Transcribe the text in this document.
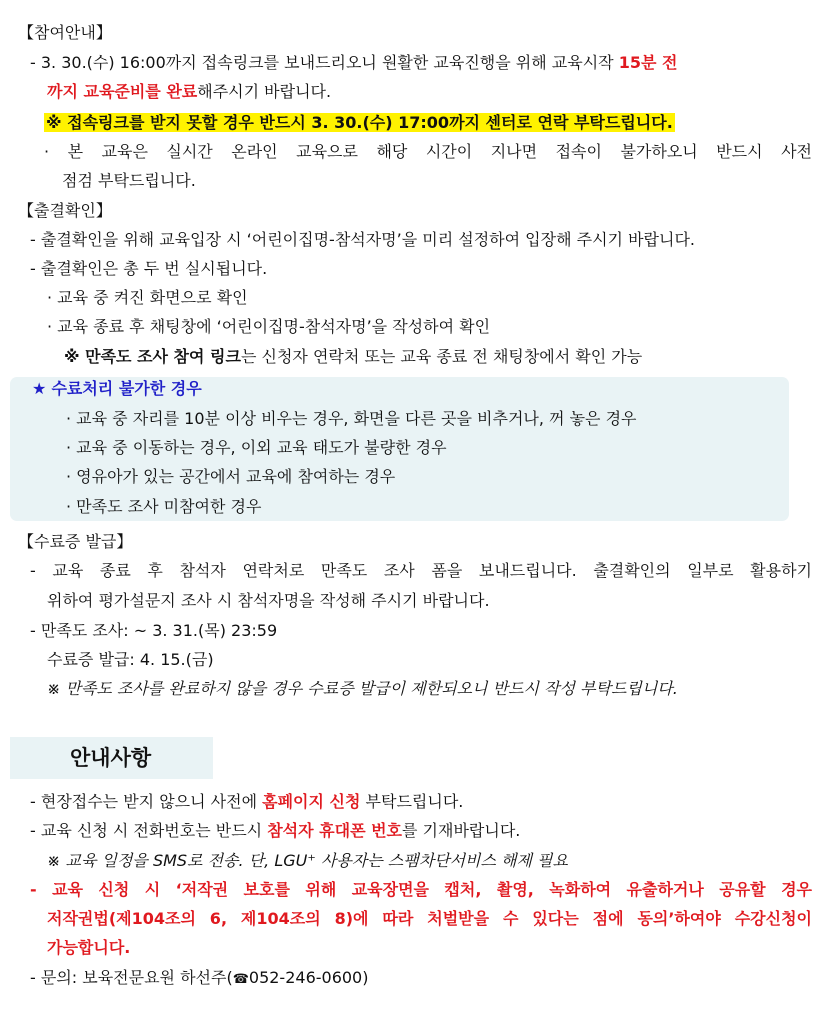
【참여안내】
- 3. 30.(수) 16:00까지 접속링크를 보내드리오니 원활한 교육진행을 위해 교육시작 15분 전
까지 교육준비를 완료해주시기 바랍니다.
※ 접속링크를 받지 못할 경우 반드시 3. 30.(수) 17:00까지 센터로 연락 부탁드립니다.
· 본 교육은 실시간 온라인 교육으로 해당 시간이 지나면 접속이 불가하오니 반드시 사전
점검 부탁드립니다.
【출결확인】
- 출결확인을 위해 교육입장 시 ‘어린이집명-참석자명’을 미리 설정하여 입장해 주시기 바랍니다.
- 출결확인은 총 두 번 실시됩니다.
· 교육 중 켜진 화면으로 확인
· 교육 종료 후 채팅창에 ‘어린이집명-참석자명’을 작성하여 확인
※ 만족도 조사 참여 링크는 신청자 연락처 또는 교육 종료 전 채팅창에서 확인 가능
★ 수료처리 불가한 경우
· 교육 중 자리를 10분 이상 비우는 경우, 화면을 다른 곳을 비추거나, 꺼 놓은 경우
· 교육 중 이동하는 경우, 이외 교육 태도가 불량한 경우
· 영유아가 있는 공간에서 교육에 참여하는 경우
· 만족도 조사 미참여한 경우
【수료증 발급】
- 교육 종료 후 참석자 연락처로 만족도 조사 폼을 보내드립니다. 출결확인의 일부로 활용하기
위하여 평가설문지 조사 시 참석자명을 작성해 주시기 바랍니다.
- 만족도 조사: ~ 3. 31.(목) 23:59
수료증 발급: 4. 15.(금)
※ 만족도 조사를 완료하지 않을 경우 수료증 발급이 제한되오니 반드시 작성 부탁드립니다.
안내사항
- 현장접수는 받지 않으니 사전에 홈페이지 신청 부탁드립니다.
- 교육 신청 시 전화번호는 반드시 참석자 휴대폰 번호를 기재바랍니다.
※ 교육 일정을 SMS로 전송. 단, LGU⁺ 사용자는 스팸차단서비스 해제 필요
- 교육 신청 시 ‘저작권 보호를 위해 교육장면을 캡처, 촬영, 녹화하여 유출하거나 공유할 경우
저작권법(제104조의 6, 제104조의 8)에 따라 처벌받을 수 있다는 점에 동의’하여야 수강신청이
가능합니다.
- 문의: 보육전문요원 하선주(☎052-246-0600)
